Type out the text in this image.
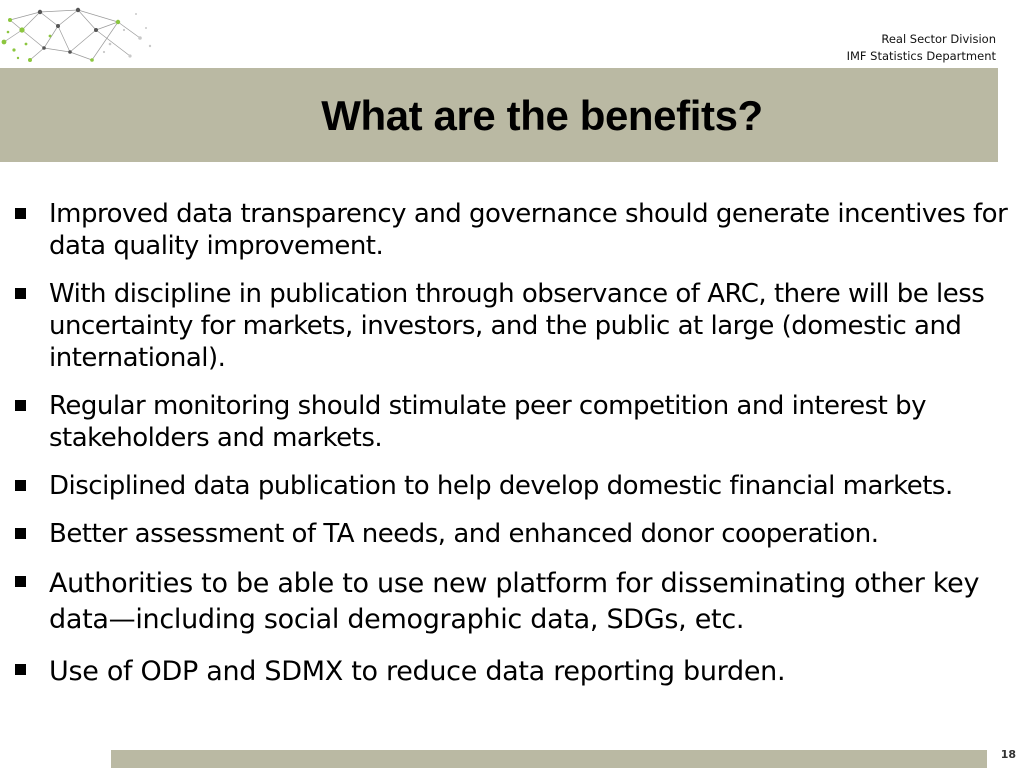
Real Sector Division
IMF Statistics Department
What are the benefits?
Improved data transparency and governance should generate incentives for data quality improvement.
With discipline in publication through observance of ARC, there will be less uncertainty for markets, investors, and the public at large (domestic and international).
Regular monitoring should stimulate peer competition and interest by stakeholders and markets.
Disciplined data publication to help develop domestic financial markets.
Better assessment of TA needs, and enhanced donor cooperation.
Authorities to be able to use new platform for disseminating other key data—including social demographic data, SDGs, etc.
Use of ODP and SDMX to reduce data reporting burden.
18
